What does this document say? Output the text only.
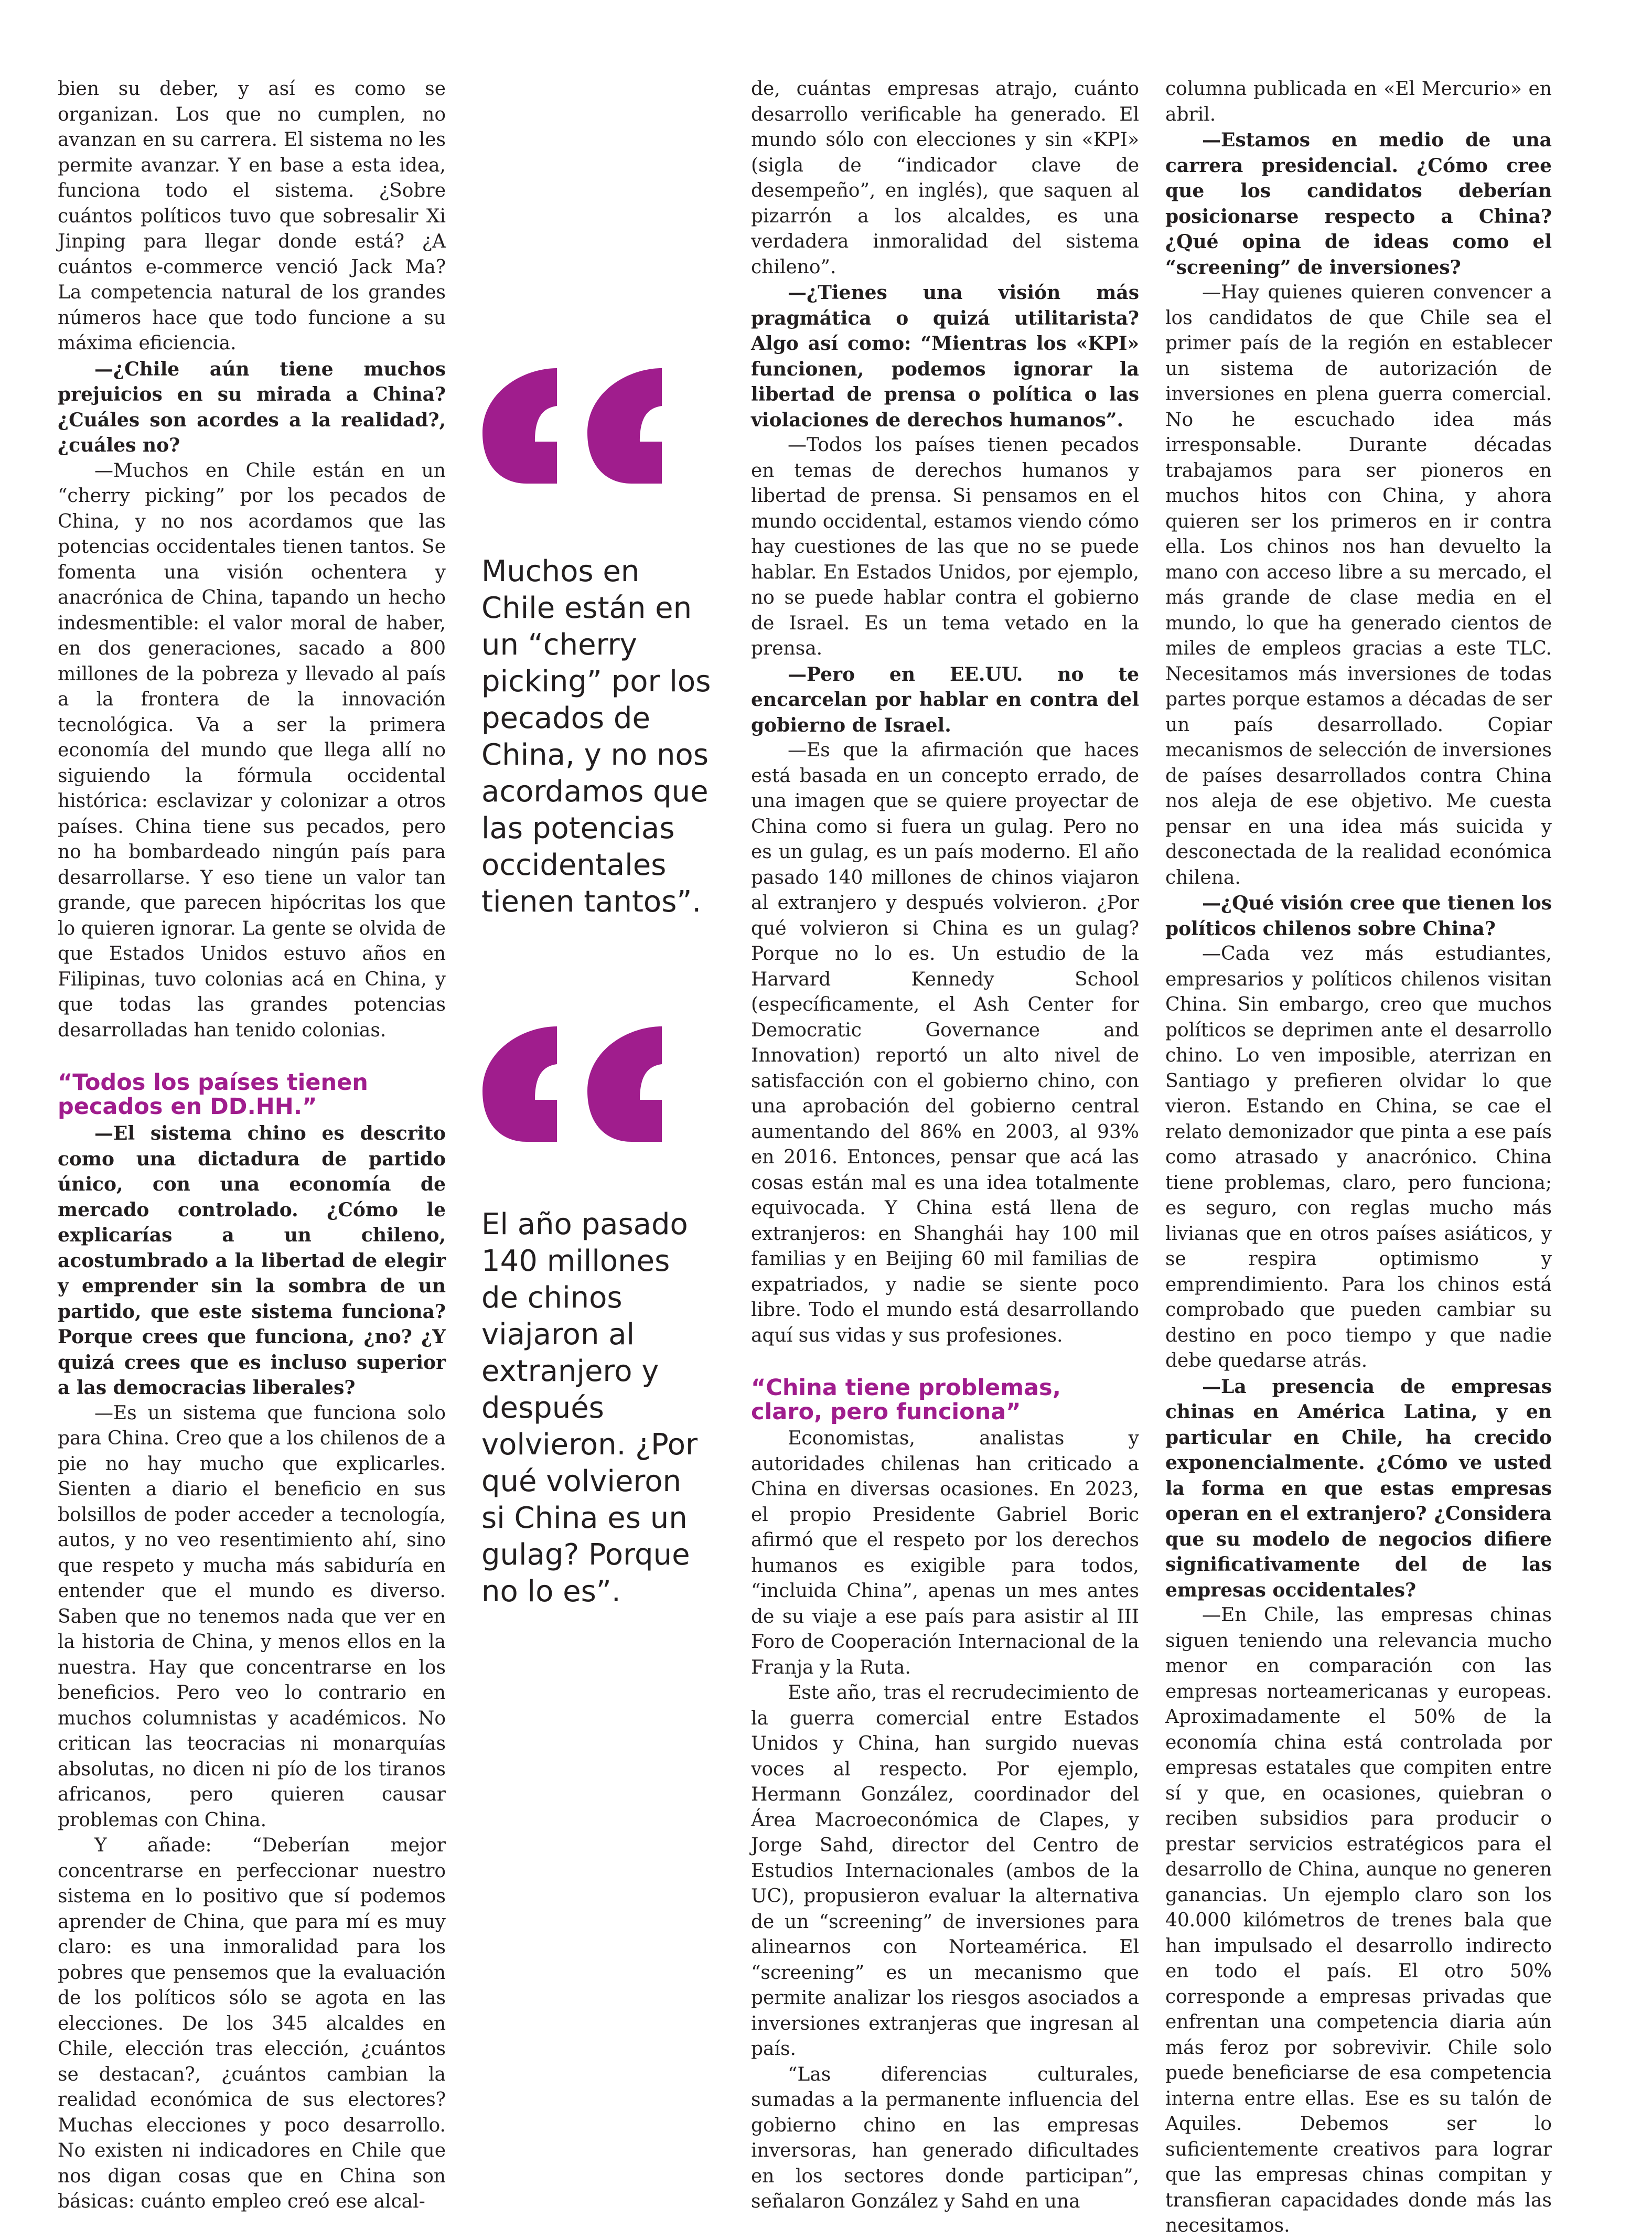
bien su deber, y así es como se organizan. Los que no cumplen, no avanzan en su carrera. El sistema no les permite avanzar. Y en base a esta idea, funciona todo el sistema. ¿Sobre cuántos políticos tuvo que sobresalir Xi Jinping para llegar donde está? ¿A cuántos e-commerce venció Jack Ma? La competencia natural de los grandes números hace que todo funcione a su máxima eficiencia.

—¿Chile aún tiene muchos prejuicios en su mirada a China? ¿Cuáles son acordes a la realidad?, ¿cuáles no?

—Muchos en Chile están en un “cherry picking” por los pecados de China, y no nos acordamos que las potencias occidentales tienen tantos. Se fomenta una visión ochentera y anacrónica de China, tapando un hecho indesmentible: el valor moral de haber, en dos generaciones, sacado a 800 millones de la pobreza y llevado al país a la frontera de la innovación tecnológica. Va a ser la primera economía del mundo que llega allí no siguiendo la fórmula occidental histórica: esclavizar y colonizar a otros países. China tiene sus pecados, pero no ha bombardeado ningún país para desarrollarse. Y eso tiene un valor tan grande, que parecen hipócritas los que lo quieren ignorar. La gente se olvida de que Estados Unidos estuvo años en Filipinas, tuvo colonias acá en China, y que todas las grandes potencias desarrolladas han tenido colonias.

“Todos los países tienen pecados en DD.HH.”

—El sistema chino es descrito como una dictadura de partido único, con una economía de mercado controlado. ¿Cómo le explicarías a un chileno, acostumbrado a la libertad de elegir y emprender sin la sombra de un partido, que este sistema funciona? Porque crees que funciona, ¿no? ¿Y quizá crees que es incluso superior a las democracias liberales?

—Es un sistema que funciona solo para China. Creo que a los chilenos de a pie no hay mucho que explicarles. Sienten a diario el beneficio en sus bolsillos de poder acceder a tecnología, autos, y no veo resentimiento ahí, sino que respeto y mucha más sabiduría en entender que el mundo es diverso. Saben que no tenemos nada que ver en la historia de China, y menos ellos en la nuestra. Hay que concentrarse en los beneficios. Pero veo lo contrario en muchos columnistas y académicos. No critican las teocracias ni monarquías absolutas, no dicen ni pío de los tiranos africanos, pero quieren causar problemas con China.

Y añade: “Deberían mejor concentrarse en perfeccionar nuestro sistema en lo positivo que sí podemos aprender de China, que para mí es muy claro: es una inmoralidad para los pobres que pensemos que la evaluación de los políticos sólo se agota en las elecciones. De los 345 alcaldes en Chile, elección tras elección, ¿cuántos se destacan?, ¿cuántos cambian la realidad económica de sus electores? Muchas elecciones y poco desarrollo. No existen ni indicadores en Chile que nos digan cosas que en China son básicas: cuánto empleo creó ese alcal-

Muchos en Chile están en un “cherry picking” por los pecados de China, y no nos acordamos que las potencias occidentales tienen tantos”.

El año pasado 140 millones de chinos viajaron al extranjero y después volvieron. ¿Por qué volvieron si China es un gulag? Porque no lo es”.

de, cuántas empresas atrajo, cuánto desarrollo verificable ha generado. El mundo sólo con elecciones y sin «KPI» (sigla de “indicador clave de desempeño”, en inglés), que saquen al pizarrón a los alcaldes, es una verdadera inmoralidad del sistema chileno”.

—¿Tienes una visión más pragmática o quizá utilitarista? Algo así como: “Mientras los «KPI» funcionen, podemos ignorar la libertad de prensa o política o las violaciones de derechos humanos”.

—Todos los países tienen pecados en temas de derechos humanos y libertad de prensa. Si pensamos en el mundo occidental, estamos viendo cómo hay cuestiones de las que no se puede hablar. En Estados Unidos, por ejemplo, no se puede hablar contra el gobierno de Israel. Es un tema vetado en la prensa.

—Pero en EE.UU. no te encarcelan por hablar en contra del gobierno de Israel.

—Es que la afirmación que haces está basada en un concepto errado, de una imagen que se quiere proyectar de China como si fuera un gulag. Pero no es un gulag, es un país moderno. El año pasado 140 millones de chinos viajaron al extranjero y después volvieron. ¿Por qué volvieron si China es un gulag? Porque no lo es. Un estudio de la Harvard Kennedy School (específicamente, el Ash Center for Democratic Governance and Innovation) reportó un alto nivel de satisfacción con el gobierno chino, con una aprobación del gobierno central aumentando del 86% en 2003, al 93% en 2016. Entonces, pensar que acá las cosas están mal es una idea totalmente equivocada. Y China está llena de extranjeros: en Shanghái hay 100 mil familias y en Beijing 60 mil familias de expatriados, y nadie se siente poco libre. Todo el mundo está desarrollando aquí sus vidas y sus profesiones.

“China tiene problemas, claro, pero funciona”

Economistas, analistas y autoridades chilenas han criticado a China en diversas ocasiones. En 2023, el propio Presidente Gabriel Boric afirmó que el respeto por los derechos humanos es exigible para todos, “incluida China”, apenas un mes antes de su viaje a ese país para asistir al III Foro de Cooperación Internacional de la Franja y la Ruta.

Este año, tras el recrudecimiento de la guerra comercial entre Estados Unidos y China, han surgido nuevas voces al respecto. Por ejemplo, Hermann González, coordinador del Área Macroeconómica de Clapes, y Jorge Sahd, director del Centro de Estudios Internacionales (ambos de la UC), propusieron evaluar la alternativa de un “screening” de inversiones para alinearnos con Norteamérica. El “screening” es un mecanismo que permite analizar los riesgos asociados a inversiones extranjeras que ingresan al país.

“Las diferencias culturales, sumadas a la permanente influencia del gobierno chino en las empresas inversoras, han generado dificultades en los sectores donde participan”, señalaron González y Sahd en una

columna publicada en «El Mercurio» en abril.

—Estamos en medio de una carrera presidencial. ¿Cómo cree que los candidatos deberían posicionarse respecto a China? ¿Qué opina de ideas como el “screening” de inversiones?

—Hay quienes quieren convencer a los candidatos de que Chile sea el primer país de la región en establecer un sistema de autorización de inversiones en plena guerra comercial. No he escuchado idea más irresponsable. Durante décadas trabajamos para ser pioneros en muchos hitos con China, y ahora quieren ser los primeros en ir contra ella. Los chinos nos han devuelto la mano con acceso libre a su mercado, el más grande de clase media en el mundo, lo que ha generado cientos de miles de empleos gracias a este TLC. Necesitamos más inversiones de todas partes porque estamos a décadas de ser un país desarrollado. Copiar mecanismos de selección de inversiones de países desarrollados contra China nos aleja de ese objetivo. Me cuesta pensar en una idea más suicida y desconectada de la realidad económica chilena.

—¿Qué visión cree que tienen los políticos chilenos sobre China?

—Cada vez más estudiantes, empresarios y políticos chilenos visitan China. Sin embargo, creo que muchos políticos se deprimen ante el desarrollo chino. Lo ven imposible, aterrizan en Santiago y prefieren olvidar lo que vieron. Estando en China, se cae el relato demonizador que pinta a ese país como atrasado y anacrónico. China tiene problemas, claro, pero funciona; es seguro, con reglas mucho más livianas que en otros países asiáticos, y se respira optimismo y emprendimiento. Para los chinos está comprobado que pueden cambiar su destino en poco tiempo y que nadie debe quedarse atrás.

—La presencia de empresas chinas en América Latina, y en particular en Chile, ha crecido exponencialmente. ¿Cómo ve usted la forma en que estas empresas operan en el extranjero? ¿Considera que su modelo de negocios difiere significativamente del de las empresas occidentales?

—En Chile, las empresas chinas siguen teniendo una relevancia mucho menor en comparación con las empresas norteamericanas y europeas. Aproximadamente el 50% de la economía china está controlada por empresas estatales que compiten entre sí y que, en ocasiones, quiebran o reciben subsidios para producir o prestar servicios estratégicos para el desarrollo de China, aunque no generen ganancias. Un ejemplo claro son los 40.000 kilómetros de trenes bala que han impulsado el desarrollo indirecto en todo el país. El otro 50% corresponde a empresas privadas que enfrentan una competencia diaria aún más feroz por sobrevivir. Chile solo puede beneficiarse de esa competencia interna entre ellas. Ese es su talón de Aquiles. Debemos ser lo suficientemente creativos para lograr que las empresas chinas compitan y transfieran capacidades donde más las necesitamos.
